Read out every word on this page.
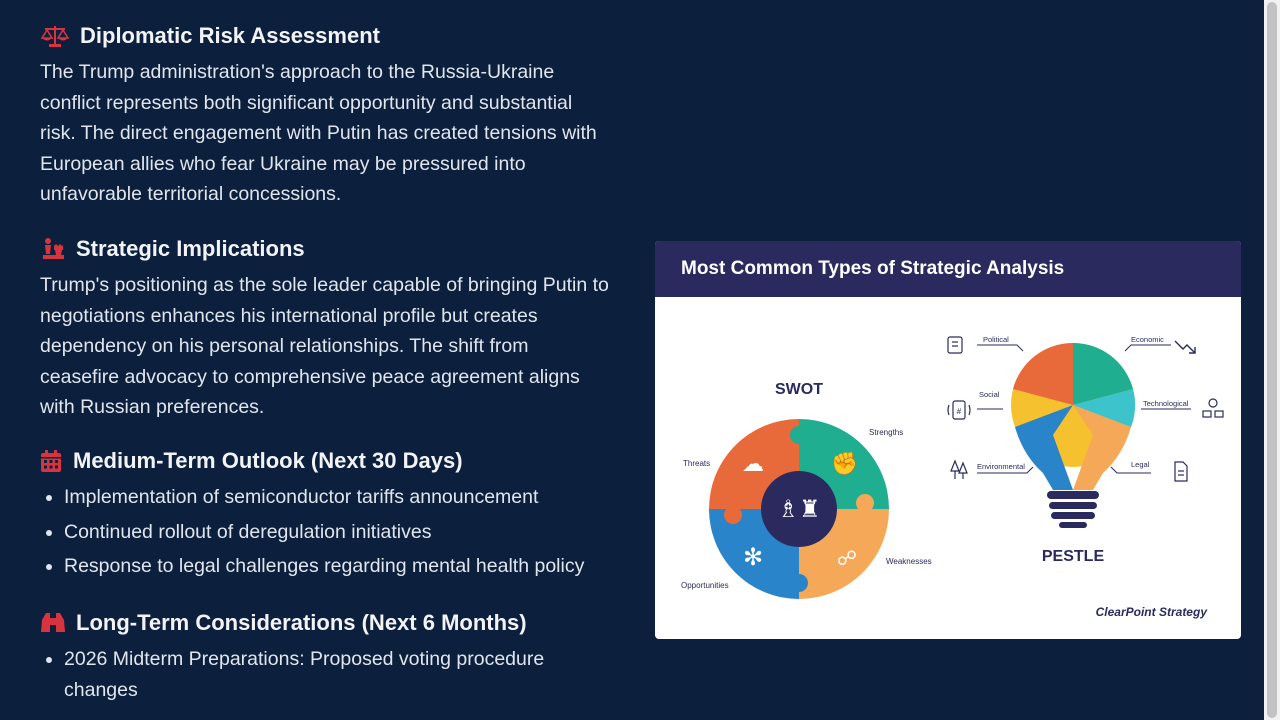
Diplomatic Risk Assessment

The Trump administration's approach to the Russia-Ukraine
conflict represents both significant opportunity and substantial
risk. The direct engagement with Putin has created tensions with
European allies who fear Ukraine may be pressured into
unfavorable territorial concessions.

Strategic Implications

Trump's positioning as the sole leader capable of bringing Putin to
negotiations enhances his international profile but creates
dependency on his personal relationships. The shift from
ceasefire advocacy to comprehensive peace agreement aligns
with Russian preferences.

Medium-Term Outlook (Next 30 Days)
• Implementation of semiconductor tariffs announcement
• Continued rollout of deregulation initiatives
• Response to legal challenges regarding mental health policy
Long-Term Considerations (Next 6 Months)
• 2026 Midterm Preparations: Proposed voting procedure
changes
Most Common Types of Strategic Analysis
SWOT
♗♜
✊
☁
✻	☍
Strengths
Weaknesses
Opportunities
Threats
PESTLE
Political	Economic
Social
Technological
Environmental	Legal
#
ClearPoint Strategy
